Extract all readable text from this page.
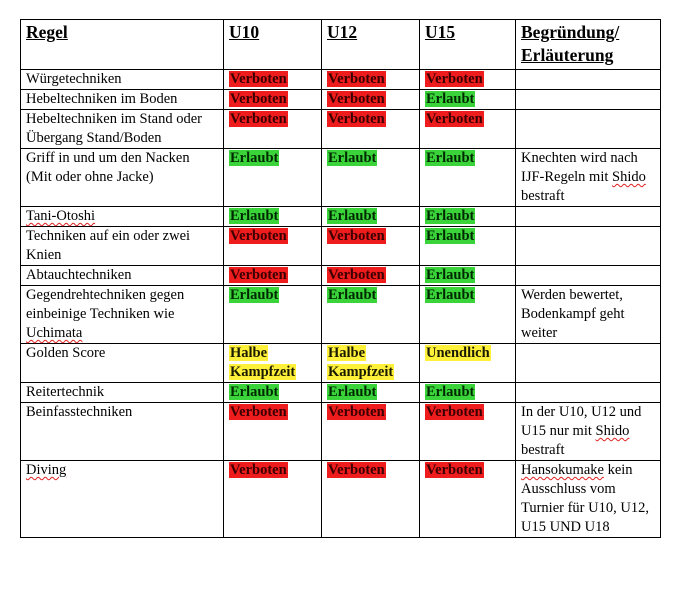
Regel	U10	U12	U15	Begründung/ Erläuterung
Würgetechniken	Verboten	Verboten	Verboten	
Hebeltechniken im Boden	Verboten	Verboten	Erlaubt	
Hebeltechniken im Stand oder Übergang Stand/Boden	Verboten	Verboten	Verboten	
Griff in und um den Nacken (Mit oder ohne Jacke)	Erlaubt	Erlaubt	Erlaubt	Knechten wird nach IJF-Regeln mit Shido bestraft
Tani-Otoshi	Erlaubt	Erlaubt	Erlaubt	
Techniken auf ein oder zwei Knien	Verboten	Verboten	Erlaubt	
Abtauchtechniken	Verboten	Verboten	Erlaubt	
Gegendrehtechniken gegen einbeinige Techniken wie Uchimata	Erlaubt	Erlaubt	Erlaubt	Werden bewertet, Bodenkampf geht weiter
Golden Score	Halbe Kampfzeit	Halbe Kampfzeit	Unendlich	
Reitertechnik	Erlaubt	Erlaubt	Erlaubt	
Beinfasstechniken	Verboten	Verboten	Verboten	In der U10, U12 und U15 nur mit Shido bestraft
Diving	Verboten	Verboten	Verboten	Hansokumake kein Ausschluss vom Turnier für U10, U12, U15 UND U18
